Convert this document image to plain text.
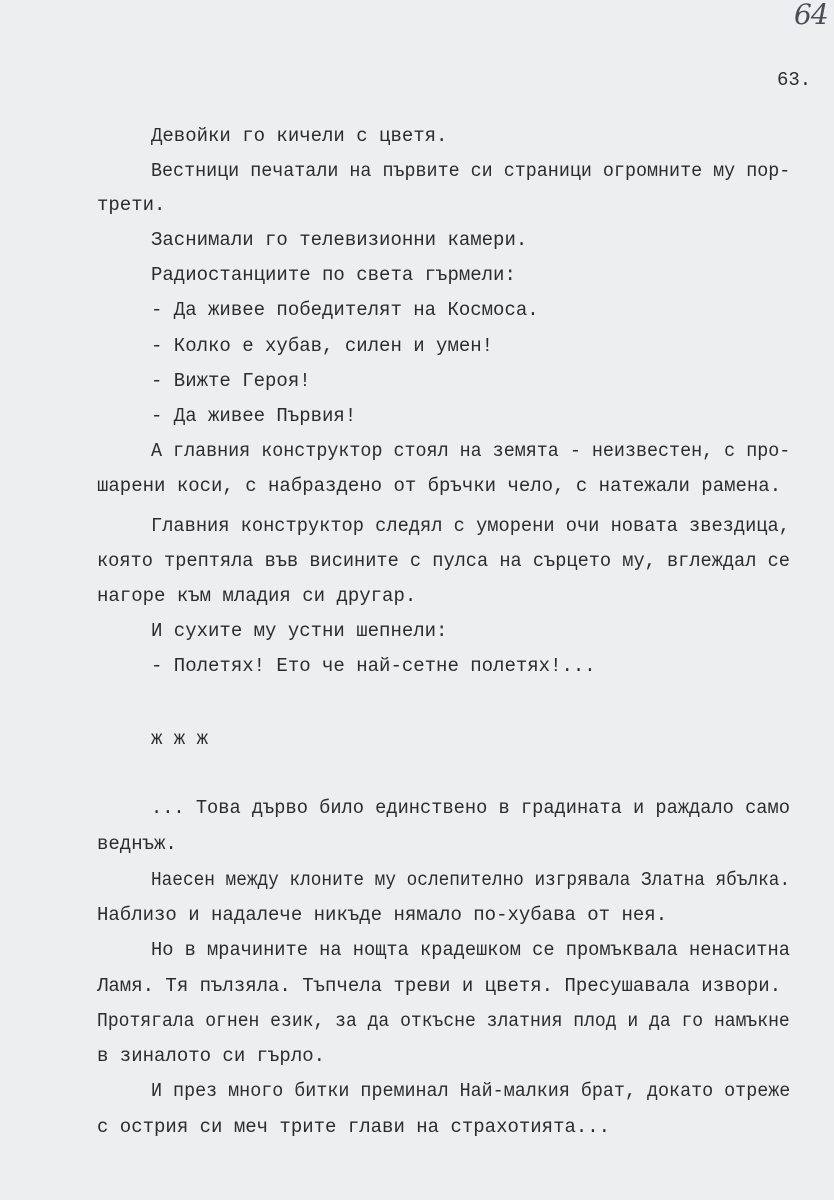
64
63.
Девойки го кичели с цветя.
Вестници печатали на първите си страници огромните му пор-
трети.
Заснимали го телевизионни камери.
Радиостанциите по света гърмели:
- Да живее победителят на Космоса.
- Колко е хубав, силен и умен!
- Вижте Героя!
- Да живее Първия!
А главния конструктор стоял на земята - неизвестен, с про-
шарени коси, с набраздено от бръчки чело, с натежали рамена.
Главния конструктор следял с уморени очи новата звездица,
която трептяла във висините с пулса на сърцето му, вглеждал се
нагоре към младия си другар.
И сухите му устни шепнели:
- Полетях! Ето че най-сетне полетях!...
ж ж ж
... Това дърво било единствено в градината и раждало само
веднъж.
Наесен между клоните му ослепително изгрявала Златна ябълка.
Наблизо и надалече никъде нямало по-хубава от нея.
Но в мрачините на нощта крадешком се промъквала ненаситна
Ламя. Тя пълзяла. Тъпчела треви и цветя. Пресушавала извори.
Протягала огнен език, за да откъсне златния плод и да го намъкне
в зиналото си гърло.
И през много битки преминал Най-малкия брат, докато отреже
с острия си меч трите глави на страхотията...
